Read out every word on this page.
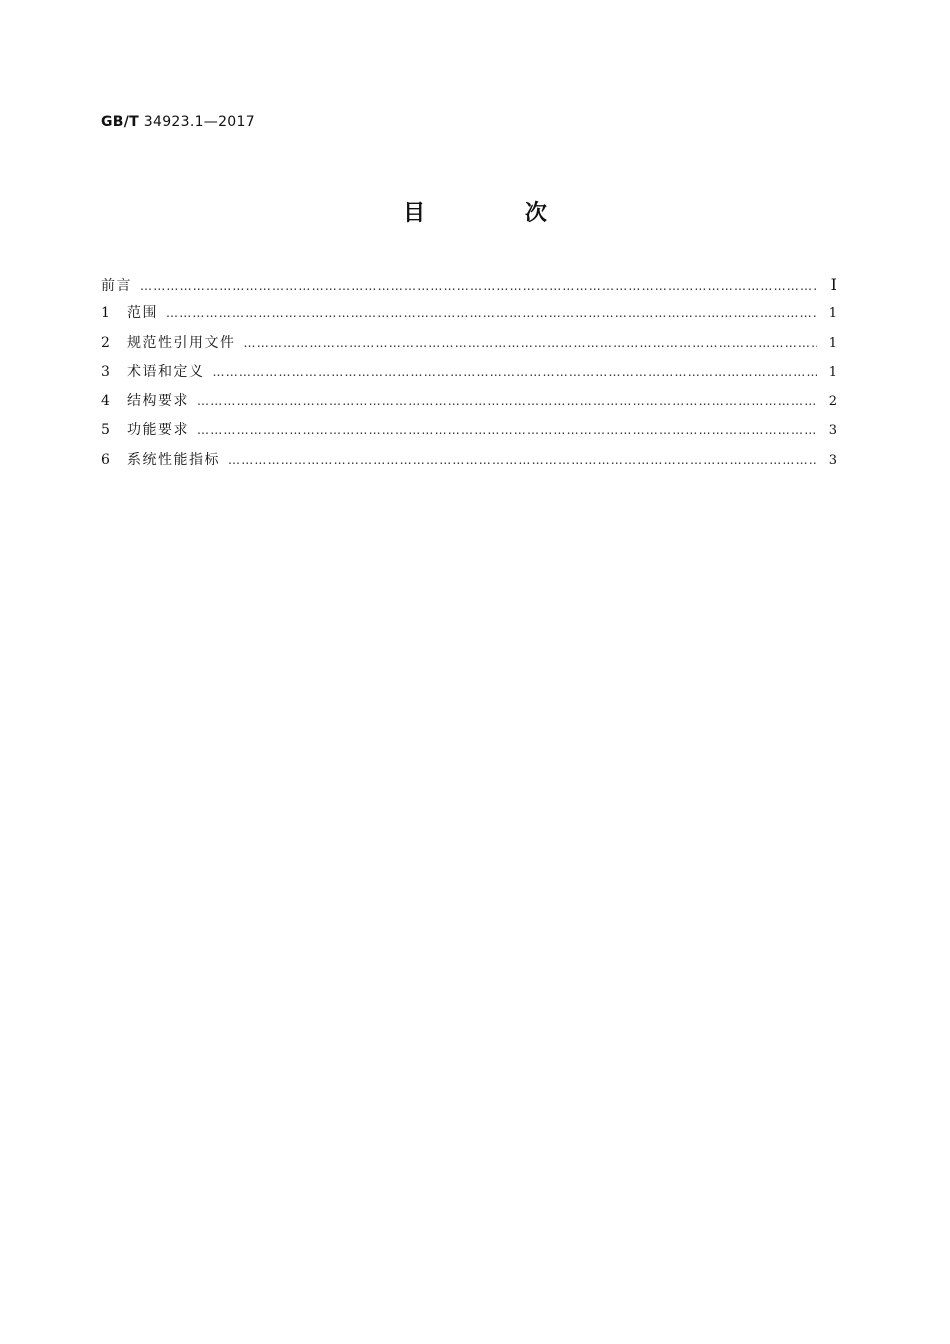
GB/T 34923.1—2017
目 次
前言 ………………………………………………………………………………………………………………………………………………………………………………………………	Ⅰ
1	范围 ………………………………………………………………………………………………………………………………………………………………………………………………	1
2	规范性引用文件 ………………………………………………………………………………………………………………………………………………………………………………………………	1
3	术语和定义 ………………………………………………………………………………………………………………………………………………………………………………………………	1
4	结构要求 ………………………………………………………………………………………………………………………………………………………………………………………………	2
5	功能要求 ………………………………………………………………………………………………………………………………………………………………………………………………	3
6	系统性能指标 ………………………………………………………………………………………………………………………………………………………………………………………………	3
